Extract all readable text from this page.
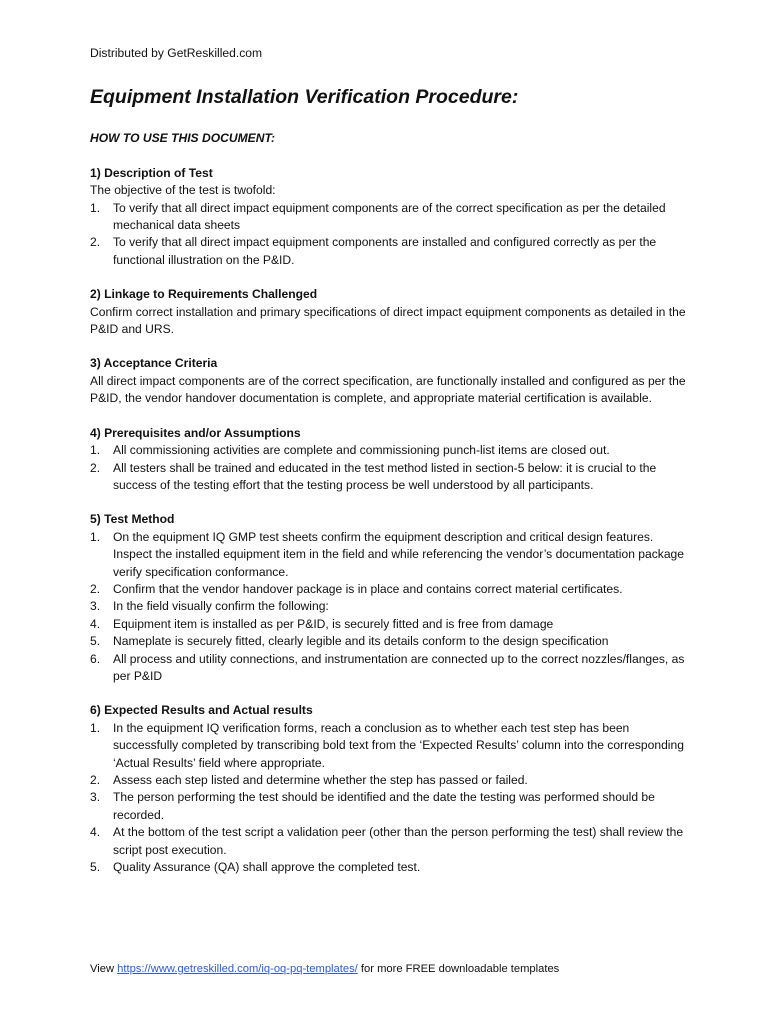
Distributed by GetReskilled.com
Equipment Installation Verification Procedure:
HOW TO USE THIS DOCUMENT:
1) Description of Test
The objective of the test is twofold:
1. To verify that all direct impact equipment components are of the correct specification as per the detailed mechanical data sheets
2. To verify that all direct impact equipment components are installed and configured correctly as per the functional illustration on the P&ID.
2) Linkage to Requirements Challenged
Confirm correct installation and primary specifications of direct impact equipment components as detailed in the P&ID and URS.
3) Acceptance Criteria
All direct impact components are of the correct specification, are functionally installed and configured as per the P&ID, the vendor handover documentation is complete, and appropriate material certification is available.
4) Prerequisites and/or Assumptions
1. All commissioning activities are complete and commissioning punch-list items are closed out.
2. All testers shall be trained and educated in the test method listed in section-5 below: it is crucial to the success of the testing effort that the testing process be well understood by all participants.
5) Test Method
1. On the equipment IQ GMP test sheets confirm the equipment description and critical design features. Inspect the installed equipment item in the field and while referencing the vendor’s documentation package verify specification conformance.
2. Confirm that the vendor handover package is in place and contains correct material certificates.
3. In the field visually confirm the following:
4. Equipment item is installed as per P&ID, is securely fitted and is free from damage
5. Nameplate is securely fitted, clearly legible and its details conform to the design specification
6. All process and utility connections, and instrumentation are connected up to the correct nozzles/flanges, as per P&ID
6) Expected Results and Actual results
1. In the equipment IQ verification forms, reach a conclusion as to whether each test step has been successfully completed by transcribing bold text from the ‘Expected Results’ column into the corresponding ‘Actual Results’ field where appropriate.
2. Assess each step listed and determine whether the step has passed or failed.
3. The person performing the test should be identified and the date the testing was performed should be recorded.
4. At the bottom of the test script a validation peer (other than the person performing the test) shall review the script post execution.
5. Quality Assurance (QA) shall approve the completed test.
View https://www.getreskilled.com/iq-oq-pq-templates/ for more FREE downloadable templates
